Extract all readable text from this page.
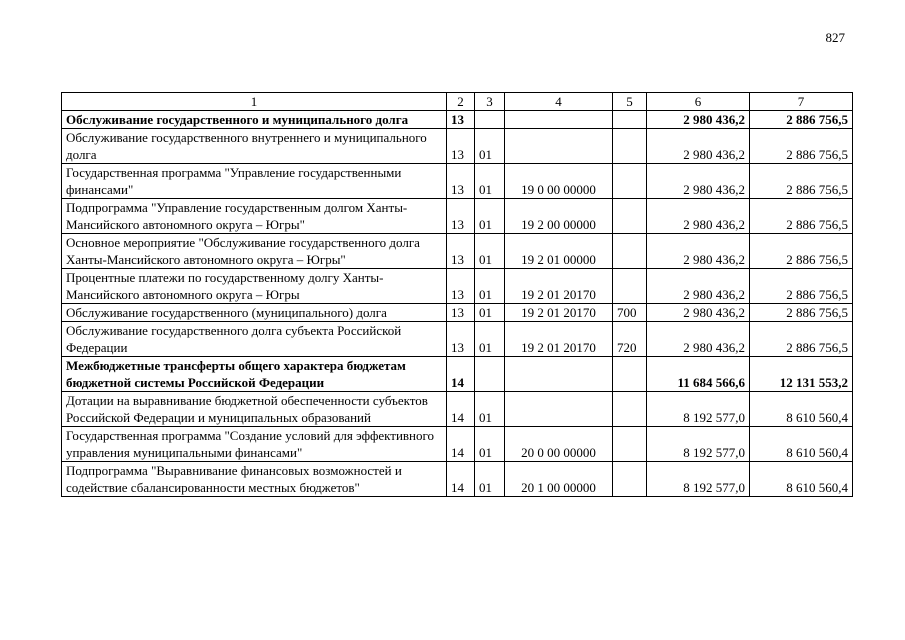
827
1	2	3	4	5	6	7
Обслуживание государственного и муниципального долга	13				2 980 436,2	2 886 756,5
Обслуживание государственного внутреннего и муниципального долга	13	01			2 980 436,2	2 886 756,5
Государственная программа "Управление государственными финансами"	13	01	19 0 00 00000		2 980 436,2	2 886 756,5
Подпрограмма "Управление государственным долгом Ханты-Мансийского автономного округа – Югры"	13	01	19 2 00 00000		2 980 436,2	2 886 756,5
Основное мероприятие "Обслуживание государственного долга Ханты-Мансийского автономного округа – Югры"	13	01	19 2 01 00000		2 980 436,2	2 886 756,5
Процентные платежи по государственному долгу Ханты-Мансийского автономного округа – Югры	13	01	19 2 01 20170		2 980 436,2	2 886 756,5
Обслуживание государственного (муниципального) долга	13	01	19 2 01 20170	700	2 980 436,2	2 886 756,5
Обслуживание государственного долга субъекта Российской Федерации	13	01	19 2 01 20170	720	2 980 436,2	2 886 756,5
Межбюджетные трансферты общего характера бюджетам бюджетной системы Российской Федерации	14				11 684 566,6	12 131 553,2
Дотации на выравнивание бюджетной обеспеченности субъектов Российской Федерации и муниципальных образований	14	01			8 192 577,0	8 610 560,4
Государственная программа "Создание условий для эффективного управления муниципальными финансами"	14	01	20 0 00 00000		8 192 577,0	8 610 560,4
Подпрограмма "Выравнивание финансовых возможностей и содействие сбалансированности местных бюджетов"	14	01	20 1 00 00000		8 192 577,0	8 610 560,4
